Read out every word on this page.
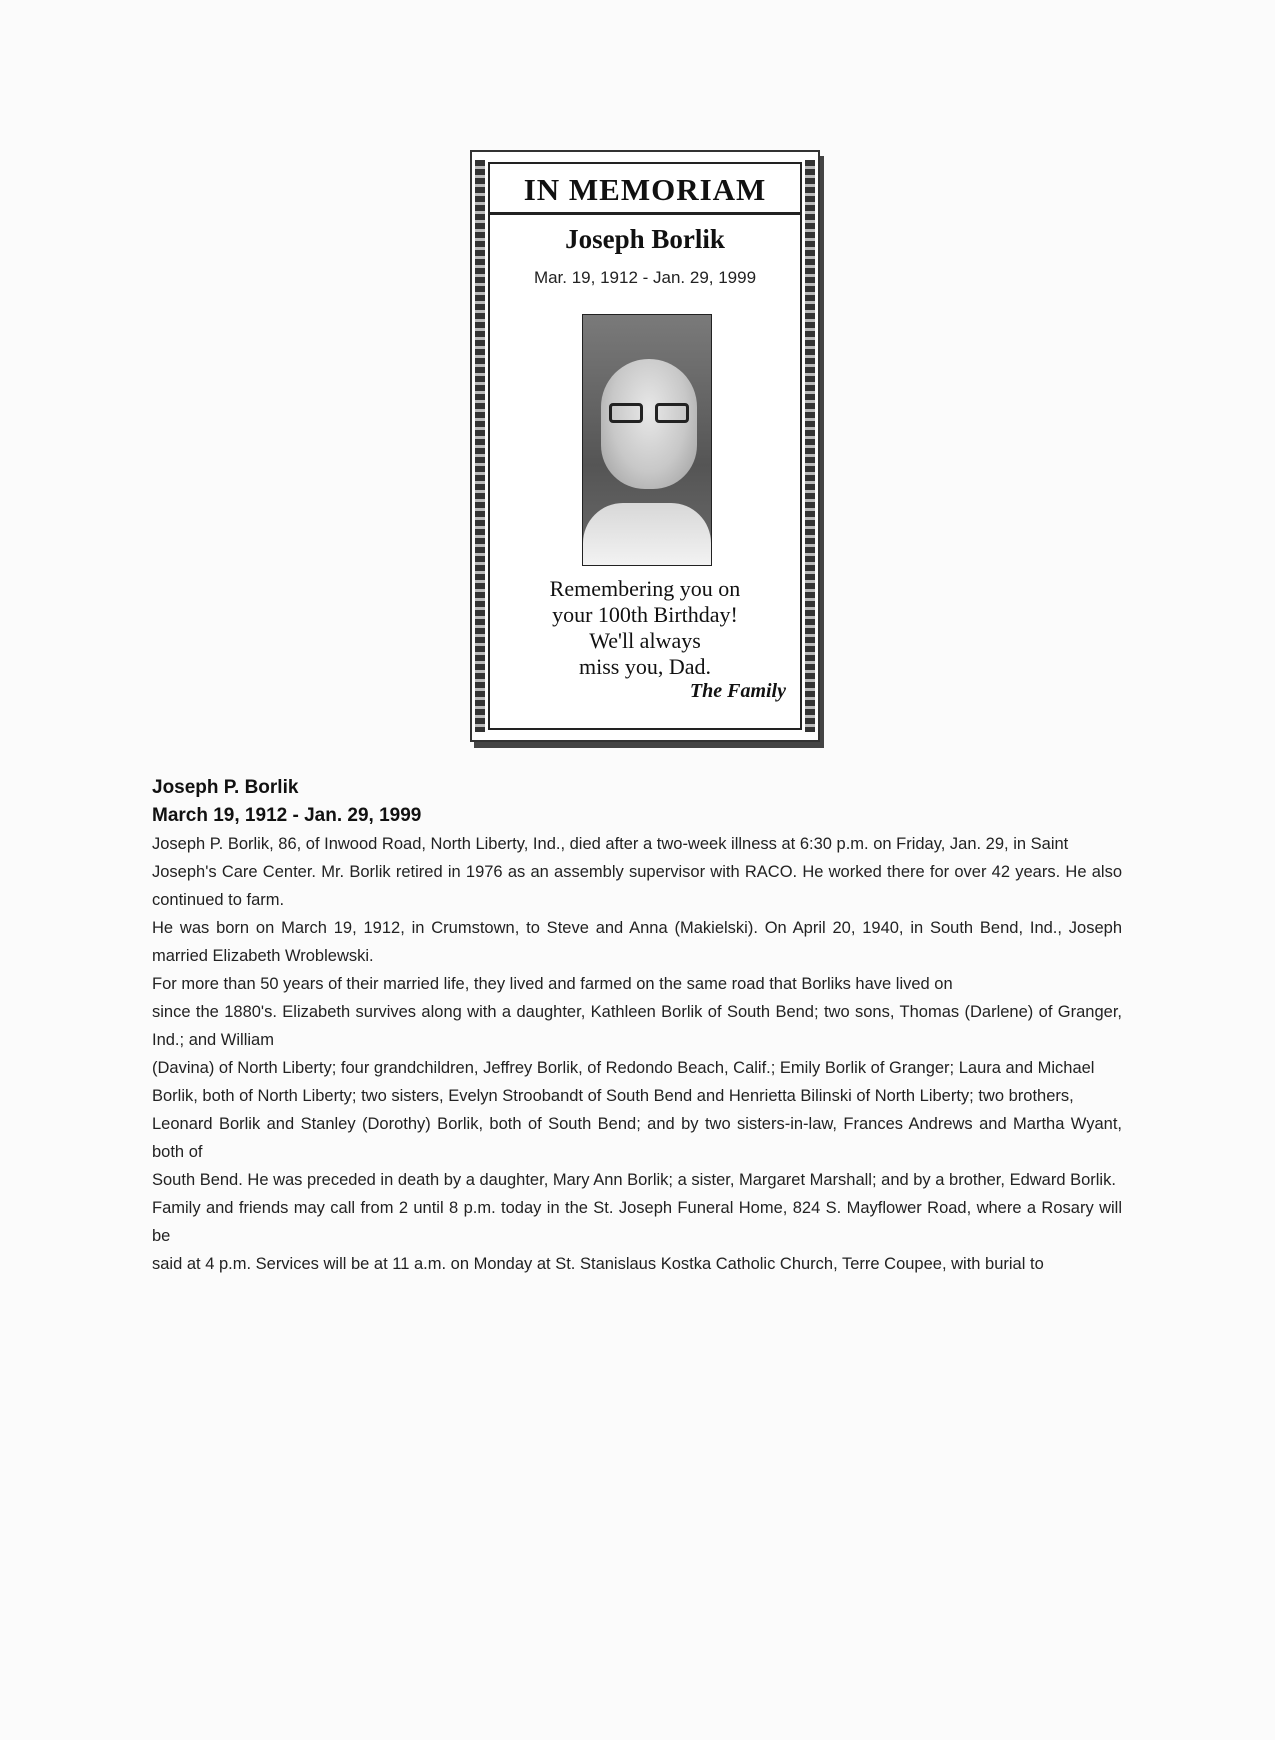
IN MEMORIAM
Joseph Borlik
Mar. 19, 1912 - Jan. 29, 1999
Remembering you on
your 100th Birthday!
We'll always
miss you, Dad.
The Family
Joseph P. Borlik
March 19, 1912 - Jan. 29, 1999

Joseph P. Borlik, 86, of Inwood Road, North Liberty, Ind., died after a two-week illness at 6:30 p.m. on Friday, Jan. 29, in Saint

Joseph's Care Center. Mr. Borlik retired in 1976 as an assembly supervisor with RACO. He worked there for over 42 years. He also continued to farm.

He was born on March 19, 1912, in Crumstown, to Steve and Anna (Makielski). On April 20, 1940, in South Bend, Ind., Joseph married Elizabeth Wroblewski.

For more than 50 years of their married life, they lived and farmed on the same road that Borliks have lived on

since the 1880's. Elizabeth survives along with a daughter, Kathleen Borlik of South Bend; two sons, Thomas (Darlene) of Granger, Ind.; and William

(Davina) of North Liberty; four grandchildren, Jeffrey Borlik, of Redondo Beach, Calif.; Emily Borlik of Granger; Laura and Michael

Borlik, both of North Liberty; two sisters, Evelyn Stroobandt of South Bend and Henrietta Bilinski of North Liberty; two brothers,

Leonard Borlik and Stanley (Dorothy) Borlik, both of South Bend; and by two sisters-in-law, Frances Andrews and Martha Wyant, both of

South Bend. He was preceded in death by a daughter, Mary Ann Borlik; a sister, Margaret Marshall; and by a brother, Edward Borlik.

Family and friends may call from 2 until 8 p.m. today in the St. Joseph Funeral Home, 824 S. Mayflower Road, where a Rosary will be

said at 4 p.m. Services will be at 11 a.m. on Monday at St. Stanislaus Kostka Catholic Church, Terre Coupee, with burial to
